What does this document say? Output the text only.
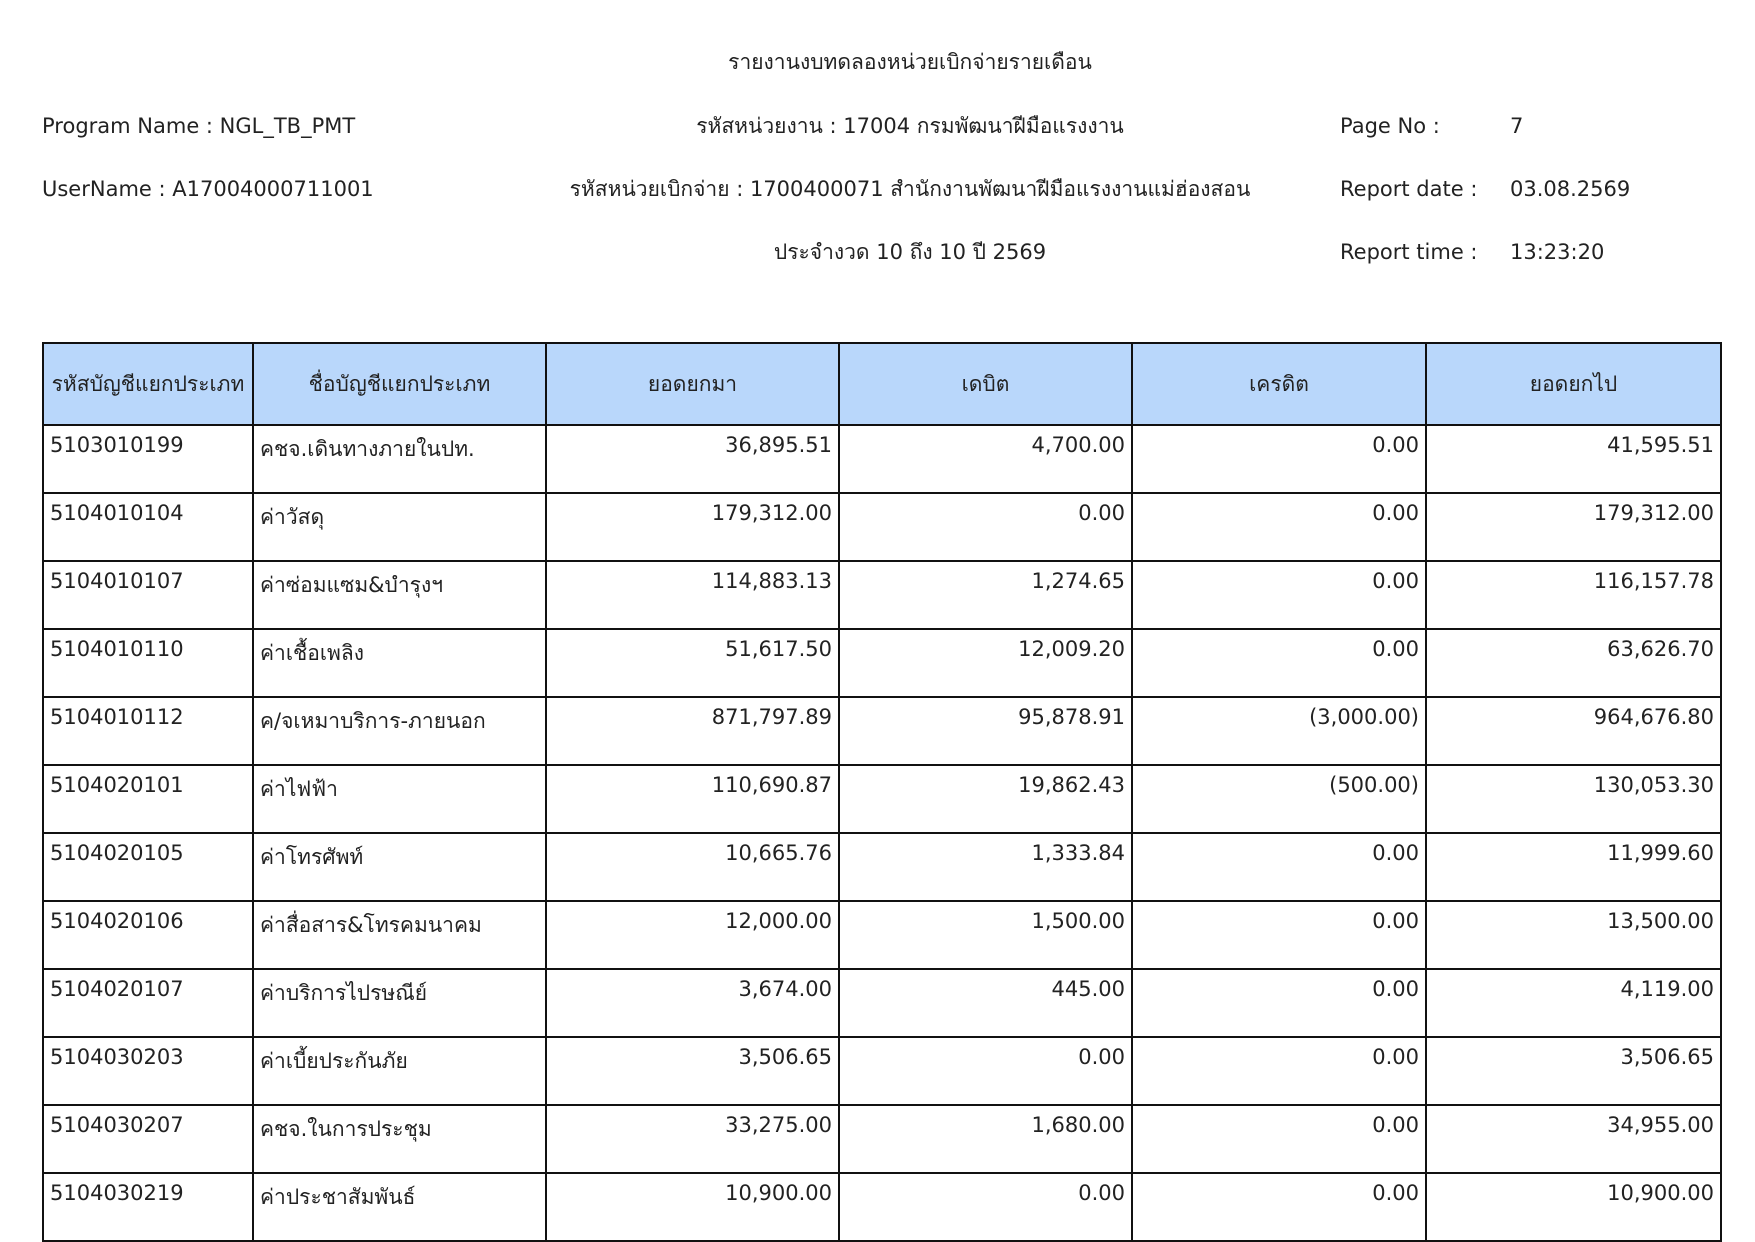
รายงานงบทดลองหน่วยเบิกจ่ายรายเดือน
Program Name : NGL_TB_PMT	รหัสหน่วยงาน : 17004 กรมพัฒนาฝีมือแรงงาน	Page No :	7
UserName : A17004000711001	รหัสหน่วยเบิกจ่าย : 1700400071 สำนักงานพัฒนาฝีมือแรงงานแม่ฮ่องสอน	Report date : 03.08.2569
ประจำงวด 10 ถึง 10 ปี 2569	Report time : 13:23:20
รหัสบัญชีแยกประเภท	ชื่อบัญชีแยกประเภท	ยอดยกมา	เดบิต	เครดิต	ยอดยกไป
5103010199	คชจ.เดินทางภายในปท.	36,895.51	4,700.00	0.00	41,595.51
5104010104	ค่าวัสดุ	179,312.00	0.00	0.00	179,312.00
5104010107	ค่าซ่อมแซม&บำรุงฯ	114,883.13	1,274.65	0.00	116,157.78
5104010110	ค่าเชื้อเพลิง	51,617.50	12,009.20	0.00	63,626.70
5104010112	ค/จเหมาบริการ-ภายนอก	871,797.89	95,878.91	(3,000.00)	964,676.80
5104020101	ค่าไฟฟ้า	110,690.87	19,862.43	(500.00)	130,053.30
5104020105	ค่าโทรศัพท์	10,665.76	1,333.84	0.00	11,999.60
5104020106	ค่าสื่อสาร&โทรคมนาคม	12,000.00	1,500.00	0.00	13,500.00
5104020107	ค่าบริการไปรษณีย์	3,674.00	445.00	0.00	4,119.00
5104030203	ค่าเบี้ยประกันภัย	3,506.65	0.00	0.00	3,506.65
5104030207	คชจ.ในการประชุม	33,275.00	1,680.00	0.00	34,955.00
5104030219	ค่าประชาสัมพันธ์	10,900.00	0.00	0.00	10,900.00
